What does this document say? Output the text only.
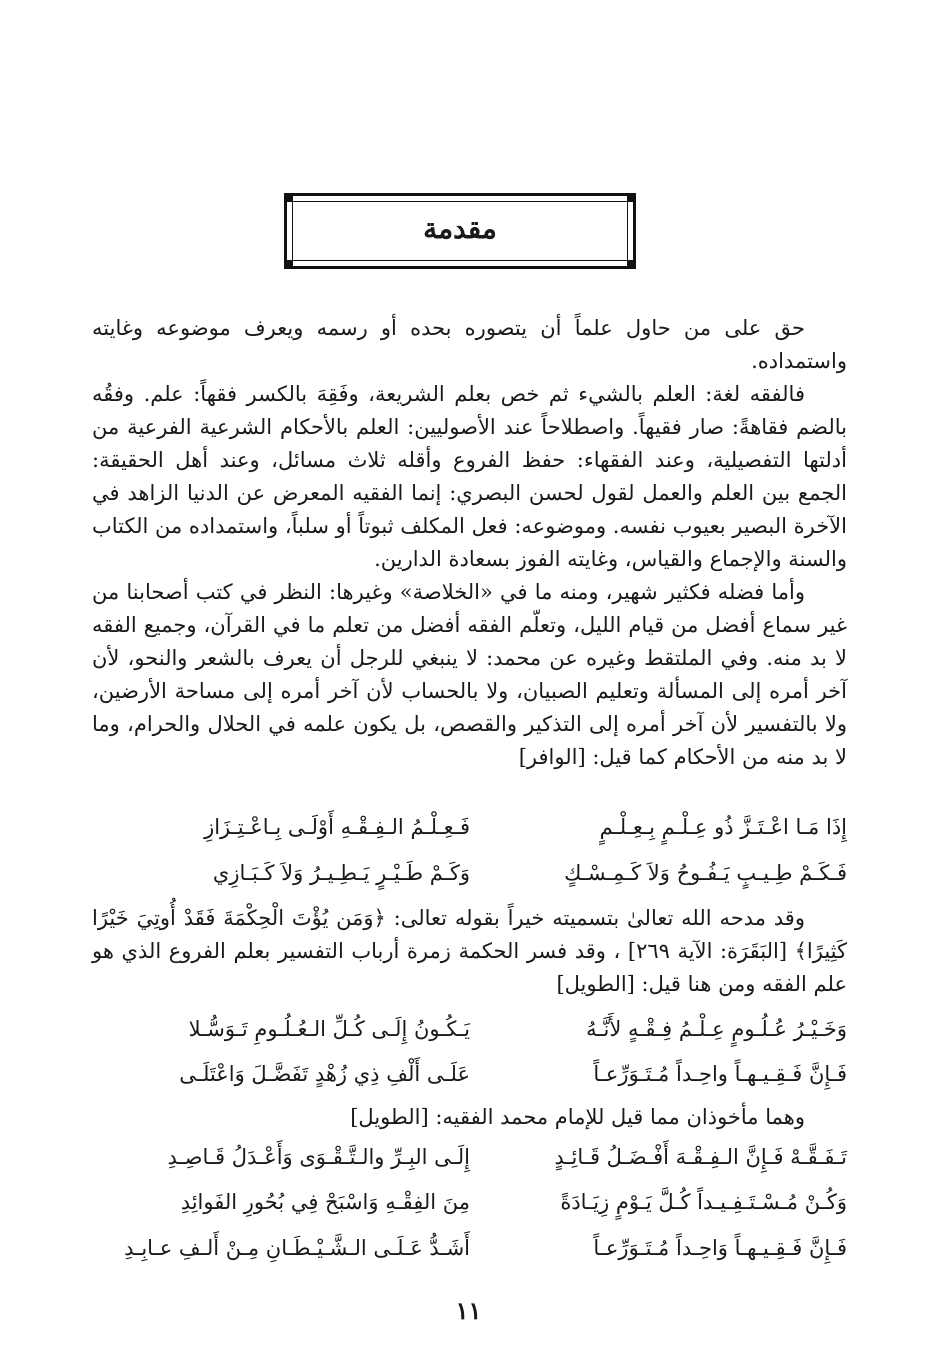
مقدمة

حق على من حاول علماً أن يتصوره بحده أو رسمه ويعرف موضوعه وغايته واستمداده.

فالفقه لغة: العلم بالشيء ثم خص بعلم الشريعة، وفَقِهَ بالكسر فقهاً: علم. وفقُه بالضم فقاهةً: صار فقيهاً. واصطلاحاً عند الأصوليين: العلم بالأحكام الشرعية الفرعية من أدلتها التفصيلية، وعند الفقهاء: حفظ الفروع وأقله ثلاث مسائل، وعند أهل الحقيقة: الجمع بين العلم والعمل لقول لحسن البصري: إنما الفقيه المعرض عن الدنيا الزاهد في الآخرة البصير بعيوب نفسه. وموضوعه: فعل المكلف ثبوتاً أو سلباً، واستمداده من الكتاب والسنة والإجماع والقياس، وغايته الفوز بسعادة الدارين.

وأما فضله فكثير شهير، ومنه ما في «الخلاصة» وغيرها: النظر في كتب أصحابنا من غير سماع أفضل من قيام الليل، وتعلّم الفقه أفضل من تعلم ما في القرآن، وجميع الفقه لا بد منه. وفي الملتقط وغيره عن محمد: لا ينبغي للرجل أن يعرف بالشعر والنحو، لأن آخر أمره إلى المسألة وتعليم الصبيان، ولا بالحساب لأن آخر أمره إلى مساحة الأرضين، ولا بالتفسير لأن آخر أمره إلى التذكير والقصص، بل يكون علمه في الحلال والحرام، وما لا بد منه من الأحكام كما قيل: [الوافر]

إِذَا مَـا اعْـتَـزَّ ذُو عِـلْـمٍ بِـعِـلْـمٍ
فَـعِـلْـمُ الـفِـقْـهِ أَوْلَـى بِـاعْـتِـزَازِ
فَـكَـمْ طِـيـبٍ يَـفُـوحُ وَلاَ كَـمِـسْـكٍ
وَكَـمْ طَـيْـرٍ يَـطِـيـرُ وَلاَ كَـبَـازِي

وقد مدحه الله تعالىٰ بتسميته خيراً بقوله تعالى: ﴿وَمَن يُؤْتَ الْحِكْمَةَ فَقَدْ أُوتِيَ خَيْرًا كَثِيرًا﴾ [البَقَرَة: الآية ٢٦٩] ، وقد فسر الحكمة زمرة أرباب التفسير بعلم الفروع الذي هو علم الفقه ومن هنا قيل: [الطويل]

وَخَـيْـرُ عُـلُـومٍ عِـلْـمُ فِـقْـهٍ لأَنَّـهُ
يَـكُـونُ إِلَـى كُـلِّ الـعُـلُـومِ تَـوَسُّـلا
فَـإِنَّ فَـقِـيـهـاً واحِـداً مُـتَـوَرِّعـاً
عَلَـى أَلْفِ ذِي زُهْدٍ تَفَضَّـلَ وَاعْتَلَـى

وهما مأخوذان مما قيل للإمام محمد الفقيه: [الطويل]

تَـفَـقَّـهْ فَـإِنَّ الـفِـقْـهَ أَفْـضَـلُ قَـائِـدٍ
إِلَـى البِـرِّ والـتَّـقْـوَى وَأَعْـدَلُ قَـاصِـدِ
وَكُـنْ مُـسْـتَـفِـيـداً كُـلَّ يَـوْمٍ زِيَـادَةً
مِنَ الفِقْـهِ وَاسْبَحْ فِي بُحُورِ الفَوائِدِ
فَـإِنَّ فَـقِـيـهـاً وَاحِـداً مُـتَـوَرِّعـاً
أَشَـدُّ عَـلَـى الـشَّـيْـطَـانِ مِـنْ أَلـفِ عـابِـدِ
١١
